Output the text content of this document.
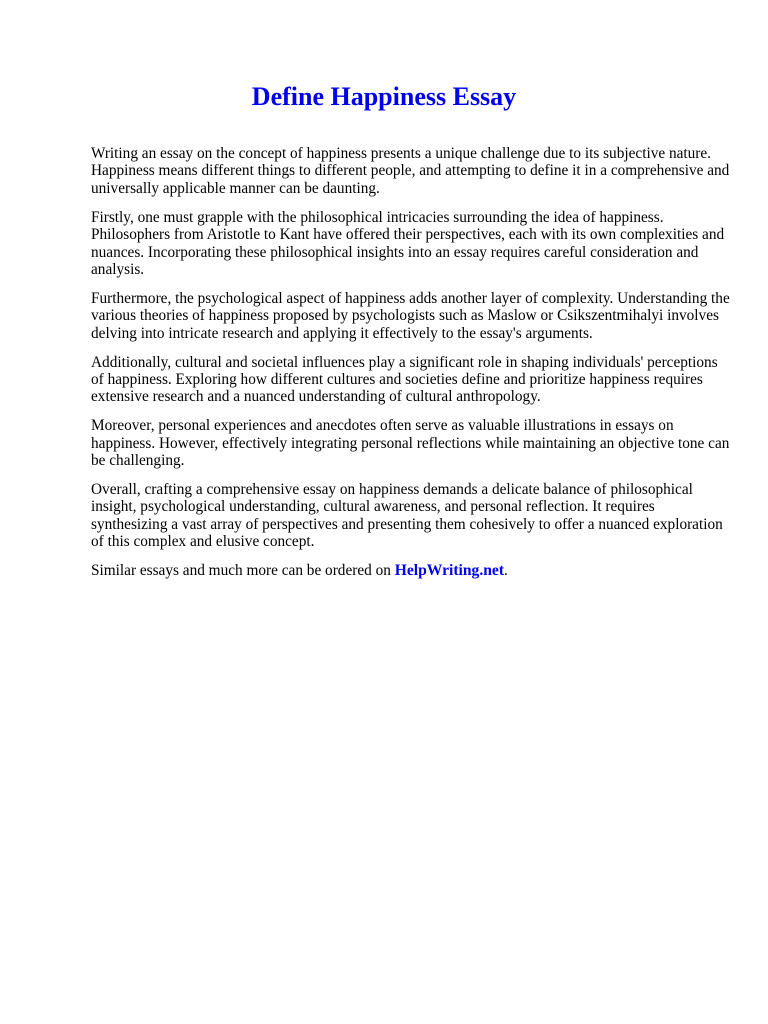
Define Happiness Essay

Writing an essay on the concept of happiness presents a unique challenge due to its subjective nature. Happiness means different things to different people, and attempting to define it in a comprehensive and universally applicable manner can be daunting.

Firstly, one must grapple with the philosophical intricacies surrounding the idea of happiness. Philosophers from Aristotle to Kant have offered their perspectives, each with its own complexities and nuances. Incorporating these philosophical insights into an essay requires careful consideration and analysis.

Furthermore, the psychological aspect of happiness adds another layer of complexity. Understanding the various theories of happiness proposed by psychologists such as Maslow or Csikszentmihalyi involves delving into intricate research and applying it effectively to the essay's arguments.

Additionally, cultural and societal influences play a significant role in shaping individuals' perceptions of happiness. Exploring how different cultures and societies define and prioritize happiness requires extensive research and a nuanced understanding of cultural anthropology.

Moreover, personal experiences and anecdotes often serve as valuable illustrations in essays on happiness. However, effectively integrating personal reflections while maintaining an objective tone can be challenging.

Overall, crafting a comprehensive essay on happiness demands a delicate balance of philosophical insight, psychological understanding, cultural awareness, and personal reflection. It requires synthesizing a vast array of perspectives and presenting them cohesively to offer a nuanced exploration of this complex and elusive concept.

Similar essays and much more can be ordered on HelpWriting.net.
